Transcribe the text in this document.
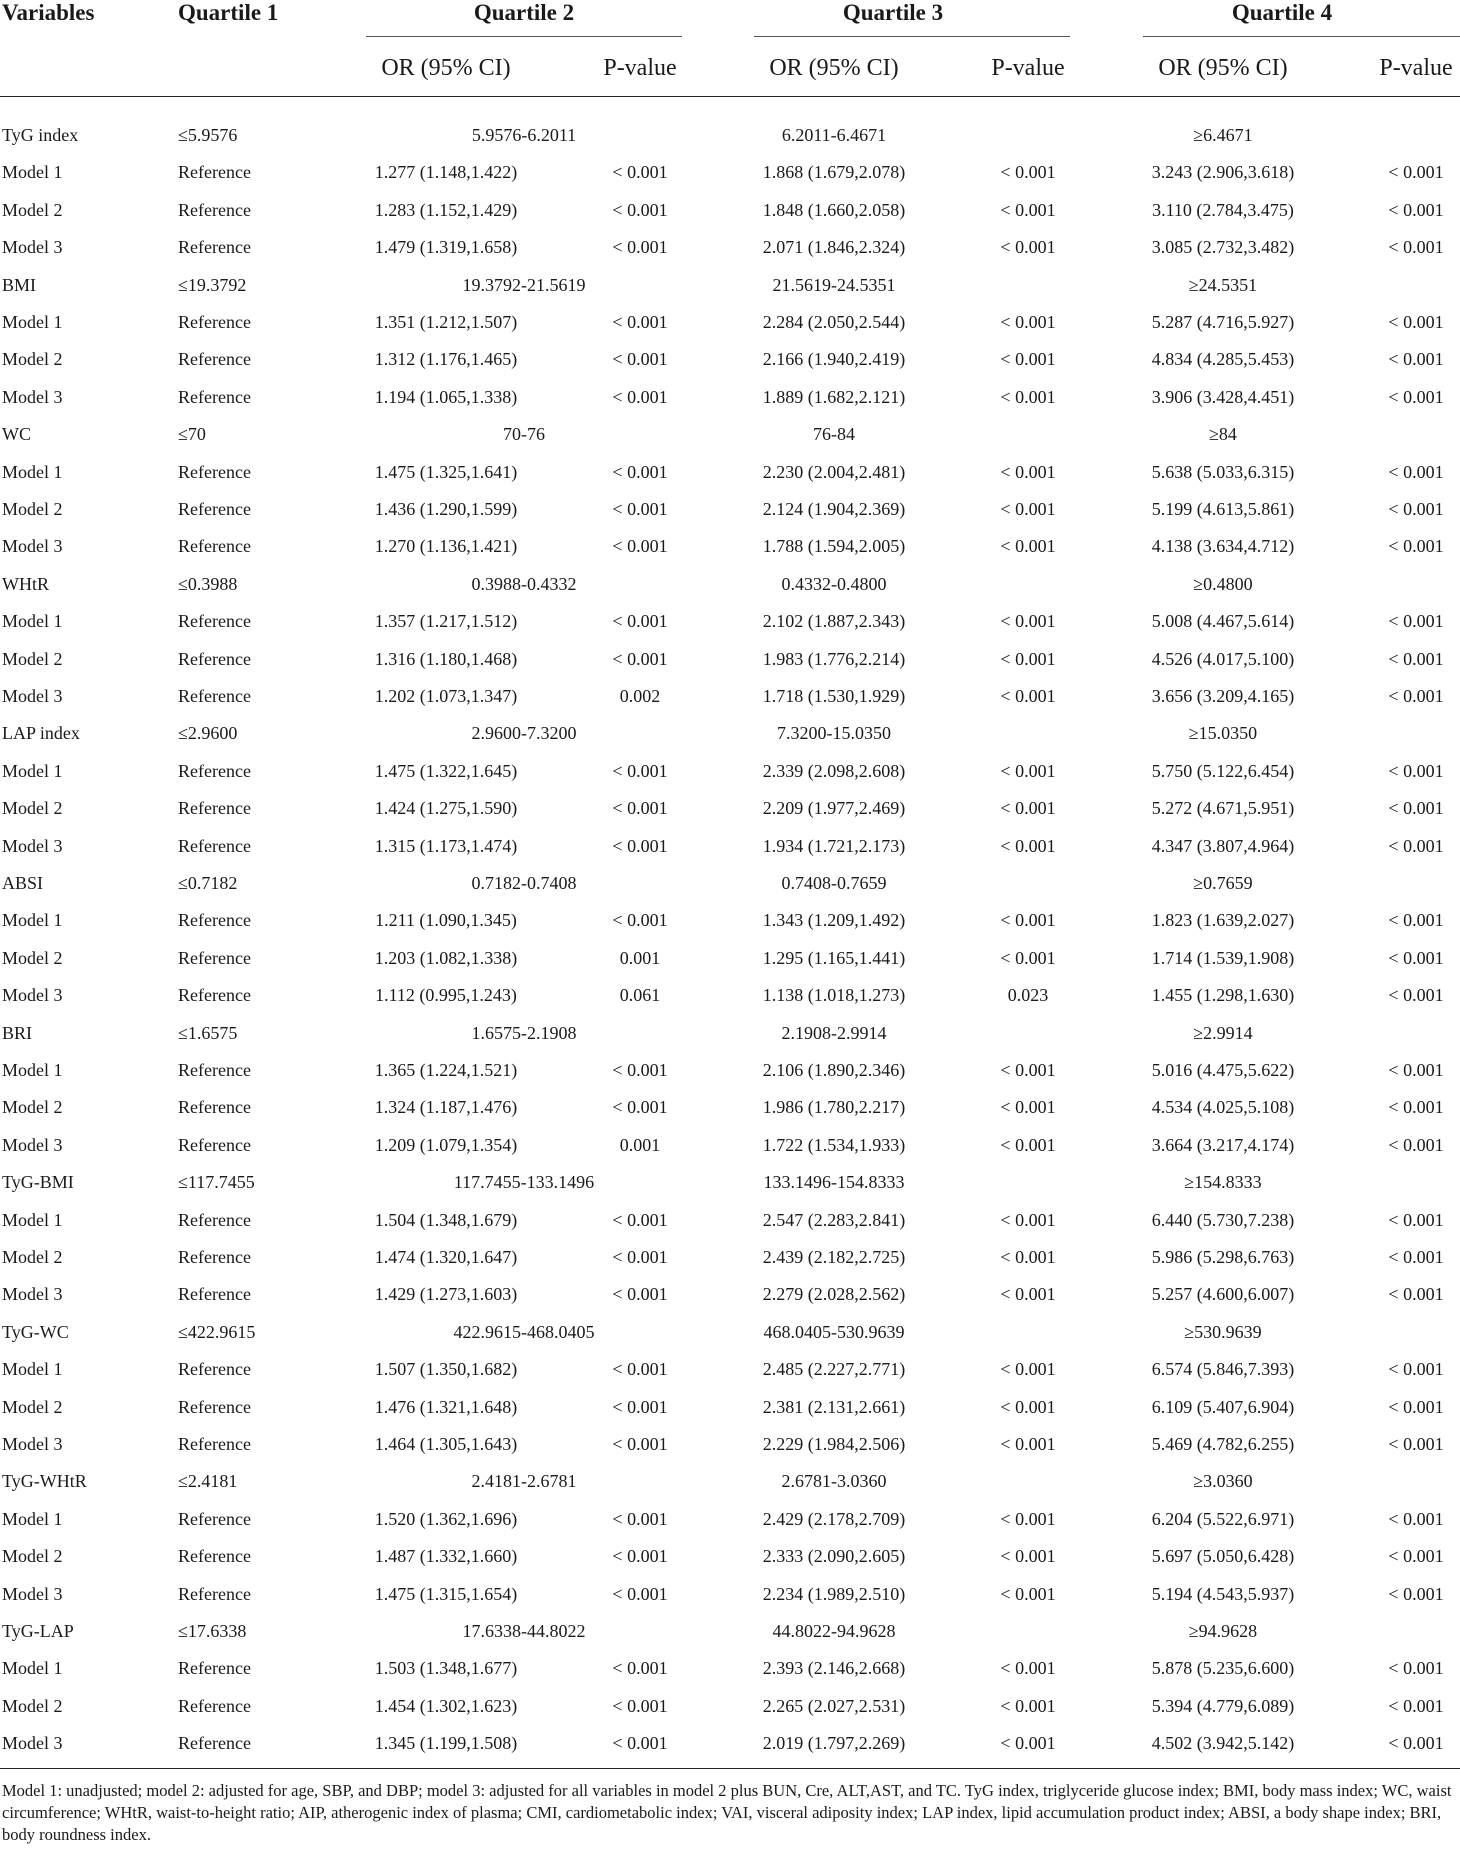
Variables	Quartile 1	Quartile 2	Quartile 3	Quartile 4
OR (95% CI)	P-value	OR (95% CI)	P-value	OR (95% CI)	P-value
TyG index	≤5.9576	5.9576-6.2011	6.2011-6.4671	≥6.4671
Model 1	Reference	1.277 (1.148,1.422)	< 0.001	1.868 (1.679,2.078)	< 0.001	3.243 (2.906,3.618)	< 0.001
Model 2	Reference	1.283 (1.152,1.429)	< 0.001	1.848 (1.660,2.058)	< 0.001	3.110 (2.784,3.475)	< 0.001
Model 3	Reference	1.479 (1.319,1.658)	< 0.001	2.071 (1.846,2.324)	< 0.001	3.085 (2.732,3.482)	< 0.001
BMI	≤19.3792	19.3792-21.5619	21.5619-24.5351	≥24.5351
Model 1	Reference	1.351 (1.212,1.507)	< 0.001	2.284 (2.050,2.544)	< 0.001	5.287 (4.716,5.927)	< 0.001
Model 2	Reference	1.312 (1.176,1.465)	< 0.001	2.166 (1.940,2.419)	< 0.001	4.834 (4.285,5.453)	< 0.001
Model 3	Reference	1.194 (1.065,1.338)	< 0.001	1.889 (1.682,2.121)	< 0.001	3.906 (3.428,4.451)	< 0.001
WC	≤70	70-76	76-84	≥84
Model 1	Reference	1.475 (1.325,1.641)	< 0.001	2.230 (2.004,2.481)	< 0.001	5.638 (5.033,6.315)	< 0.001
Model 2	Reference	1.436 (1.290,1.599)	< 0.001	2.124 (1.904,2.369)	< 0.001	5.199 (4.613,5.861)	< 0.001
Model 3	Reference	1.270 (1.136,1.421)	< 0.001	1.788 (1.594,2.005)	< 0.001	4.138 (3.634,4.712)	< 0.001
WHtR	≤0.3988	0.3988-0.4332	0.4332-0.4800	≥0.4800
Model 1	Reference	1.357 (1.217,1.512)	< 0.001	2.102 (1.887,2.343)	< 0.001	5.008 (4.467,5.614)	< 0.001
Model 2	Reference	1.316 (1.180,1.468)	< 0.001	1.983 (1.776,2.214)	< 0.001	4.526 (4.017,5.100)	< 0.001
Model 3	Reference	1.202 (1.073,1.347)	0.002	1.718 (1.530,1.929)	< 0.001	3.656 (3.209,4.165)	< 0.001
LAP index	≤2.9600	2.9600-7.3200	7.3200-15.0350	≥15.0350
Model 1	Reference	1.475 (1.322,1.645)	< 0.001	2.339 (2.098,2.608)	< 0.001	5.750 (5.122,6.454)	< 0.001
Model 2	Reference	1.424 (1.275,1.590)	< 0.001	2.209 (1.977,2.469)	< 0.001	5.272 (4.671,5.951)	< 0.001
Model 3	Reference	1.315 (1.173,1.474)	< 0.001	1.934 (1.721,2.173)	< 0.001	4.347 (3.807,4.964)	< 0.001
ABSI	≤0.7182	0.7182-0.7408	0.7408-0.7659	≥0.7659
Model 1	Reference	1.211 (1.090,1.345)	< 0.001	1.343 (1.209,1.492)	< 0.001	1.823 (1.639,2.027)	< 0.001
Model 2	Reference	1.203 (1.082,1.338)	0.001	1.295 (1.165,1.441)	< 0.001	1.714 (1.539,1.908)	< 0.001
Model 3	Reference	1.112 (0.995,1.243)	0.061	1.138 (1.018,1.273)	0.023	1.455 (1.298,1.630)	< 0.001
BRI	≤1.6575	1.6575-2.1908	2.1908-2.9914	≥2.9914
Model 1	Reference	1.365 (1.224,1.521)	< 0.001	2.106 (1.890,2.346)	< 0.001	5.016 (4.475,5.622)	< 0.001
Model 2	Reference	1.324 (1.187,1.476)	< 0.001	1.986 (1.780,2.217)	< 0.001	4.534 (4.025,5.108)	< 0.001
Model 3	Reference	1.209 (1.079,1.354)	0.001	1.722 (1.534,1.933)	< 0.001	3.664 (3.217,4.174)	< 0.001
TyG-BMI	≤117.7455	117.7455-133.1496	133.1496-154.8333	≥154.8333
Model 1	Reference	1.504 (1.348,1.679)	< 0.001	2.547 (2.283,2.841)	< 0.001	6.440 (5.730,7.238)	< 0.001
Model 2	Reference	1.474 (1.320,1.647)	< 0.001	2.439 (2.182,2.725)	< 0.001	5.986 (5.298,6.763)	< 0.001
Model 3	Reference	1.429 (1.273,1.603)	< 0.001	2.279 (2.028,2.562)	< 0.001	5.257 (4.600,6.007)	< 0.001
TyG-WC	≤422.9615	422.9615-468.0405	468.0405-530.9639	≥530.9639
Model 1	Reference	1.507 (1.350,1.682)	< 0.001	2.485 (2.227,2.771)	< 0.001	6.574 (5.846,7.393)	< 0.001
Model 2	Reference	1.476 (1.321,1.648)	< 0.001	2.381 (2.131,2.661)	< 0.001	6.109 (5.407,6.904)	< 0.001
Model 3	Reference	1.464 (1.305,1.643)	< 0.001	2.229 (1.984,2.506)	< 0.001	5.469 (4.782,6.255)	< 0.001
TyG-WHtR	≤2.4181	2.4181-2.6781	2.6781-3.0360	≥3.0360
Model 1	Reference	1.520 (1.362,1.696)	< 0.001	2.429 (2.178,2.709)	< 0.001	6.204 (5.522,6.971)	< 0.001
Model 2	Reference	1.487 (1.332,1.660)	< 0.001	2.333 (2.090,2.605)	< 0.001	5.697 (5.050,6.428)	< 0.001
Model 3	Reference	1.475 (1.315,1.654)	< 0.001	2.234 (1.989,2.510)	< 0.001	5.194 (4.543,5.937)	< 0.001
TyG-LAP	≤17.6338	17.6338-44.8022	44.8022-94.9628	≥94.9628
Model 1	Reference	1.503 (1.348,1.677)	< 0.001	2.393 (2.146,2.668)	< 0.001	5.878 (5.235,6.600)	< 0.001
Model 2	Reference	1.454 (1.302,1.623)	< 0.001	2.265 (2.027,2.531)	< 0.001	5.394 (4.779,6.089)	< 0.001
Model 3	Reference	1.345 (1.199,1.508)	< 0.001	2.019 (1.797,2.269)	< 0.001	4.502 (3.942,5.142)	< 0.001
Model 1: unadjusted; model 2: adjusted for age, SBP, and DBP; model 3: adjusted for all variables in model 2 plus BUN, Cre, ALT,AST, and TC. TyG index, triglyceride glucose index; BMI, body mass index; WC, waist circumference; WHtR, waist-to-height ratio; AIP, atherogenic index of plasma; CMI, cardiometabolic index; VAI, visceral adiposity index; LAP index, lipid accumulation product index; ABSI, a body shape index; BRI, body roundness index.
